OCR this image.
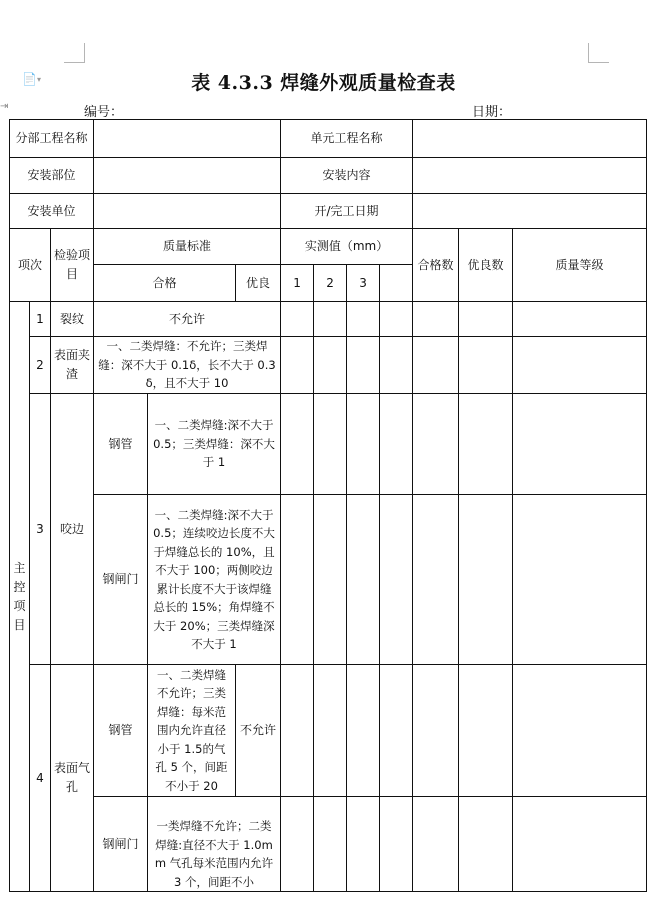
📄▾
⇥
表 4.3.3 焊缝外观质量检查表
编号：	日期：
分部工程名称						单元工程名称						
安装部位						安装内容						
安装单位						开/完工日期						
项次		检验项目	质量标准			实测值（mm）				合格数	优良数	质量等级
			合格		优良	1	2	3				
主控项目	1	裂纹	不允许									
	2	表面夹渣	一、二类焊缝：不允许；三类焊缝：深不大于 0.1δ，长不大于 0.3δ，且不大于 10									
	3	咬边	钢管	一、二类焊缝:深不大于 0.5；三类焊缝：深不大于 1								
			钢闸门	一、二类焊缝:深不大于 0.5；连续咬边长度不大于焊缝总长的 10%，且不大于 100；两侧咬边累计长度不大于该焊缝总长的 15%；角焊缝不大于 20%；三类焊缝深不大于 1								
	4	表面气孔	钢管	一、二类焊缝不允许；三类焊缝：每米范围内允许直径小于 1.5的气孔 5 个，间距不小于 20	不允许							
			钢闸门	一类焊缝不允许；二类焊缝:直径不大于 1.0mm 气孔每米范围内允许 3 个，间距不小								
